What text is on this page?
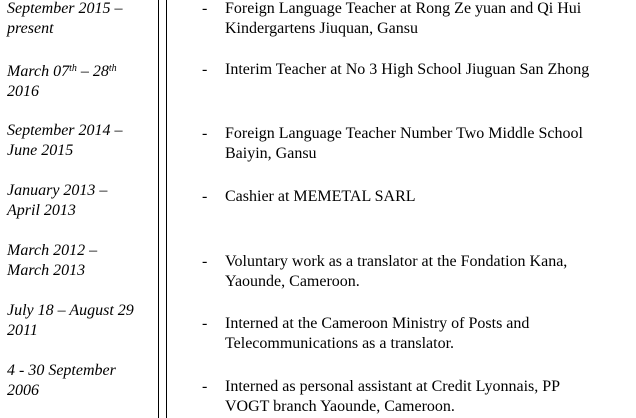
September 2015 –
present
- Foreign Language Teacher at Rong Ze yuan and Qi Hui
Kindergartens Jiuquan, Gansu
March 07th – 28th
2016
- Interim Teacher at No 3 High School Jiuguan San Zhong
September 2014 –
June 2015
- Foreign Language Teacher Number Two Middle School
Baiyin, Gansu
January 2013 –
April 2013
- Cashier at MEMETAL SARL
March 2012 –
March 2013
- Voluntary work as a translator at the Fondation Kana,
Yaounde, Cameroon.
July 18 – August 29
2011	- Interned at the Cameroon Ministry of Posts and
Telecommunications as a translator.
4 - 30 September
2006	- Interned as personal assistant at Credit Lyonnais, PP
VOGT branch Yaounde, Cameroon.
